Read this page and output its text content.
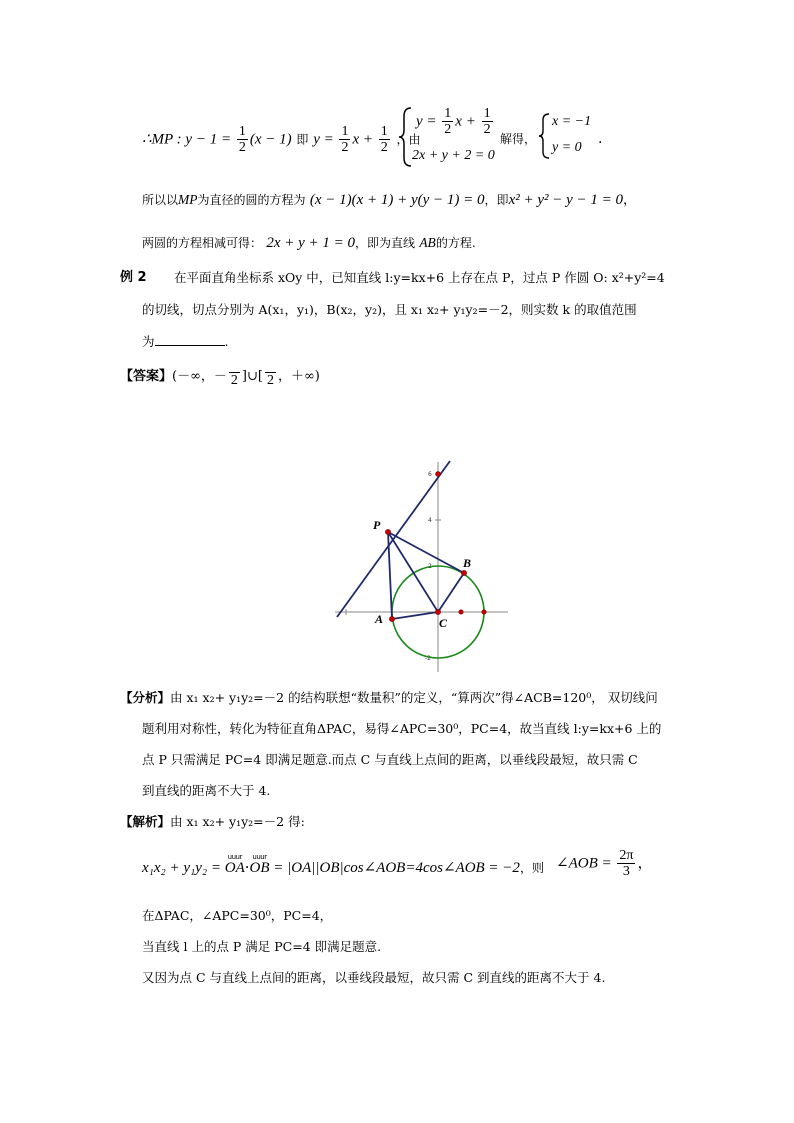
∴MP : $y - 1 = \frac{1}{2} (x - 1)$ 即 $y = \frac{1}{2}$ $x + \frac{1}{2}$ ，由
$y = \frac{1}{2}$ $x + \frac{1}{2}$
2x + y + 2 = 0
解得，
x = −1
y = 0
.
所以以MP为直径的圆的方程为 (x − 1)(x + 1) + y(y − 1) = 0，即x² + y² − y − 1 = 0，
两圆的方程相减可得： 2x + y + 1 = 0，即为直线 AB的方程.
例 2 在平面直角坐标系 xOy 中，已知直线 l:y=kx+6 上存在点 P，过点 P 作圆 O: x²+y²=4
的切线，切点分别为 A(x₁，y₁)，B(x₂，y₂)，且 x₁ x₂+ y₁y₂=－2，则实数 k 的取值范围
为	.
【答案】(－∞，－ 2 ]∪[ 2 ，＋∞)
6
4
2
-2
P
A
B
C
【分析】由 x₁ x₂+ y₁y₂=－2 的结构联想“数量积”的定义，“算两次”得∠ACB=120⁰， 双切线问
题利用对称性，转化为特征直角ΔPAC，易得∠APC=30⁰，PC=4，故当直线 l:y=kx+6 上的
点 P 只需满足 PC=4 即满足题意.而点 C 与直线上点间的距离，以垂线段最短，故只需 C
到直线的距离不大于 4.
【解析】由 x₁ x₂+ y₁y₂=－2 得:
x₁x₂ + y₁y₂ = uuur OA·uuur OB = |OA||OB|cos∠AOB=4cos∠AOB = −2，则 ∠AOB = $\frac{2\pi}{3}$ ，
在ΔPAC，∠APC=30⁰，PC=4，
当直线 l 上的点 P 满足 PC=4 即满足题意.
又因为点 C 与直线上点间的距离，以垂线段最短，故只需 C 到直线的距离不大于 4.
